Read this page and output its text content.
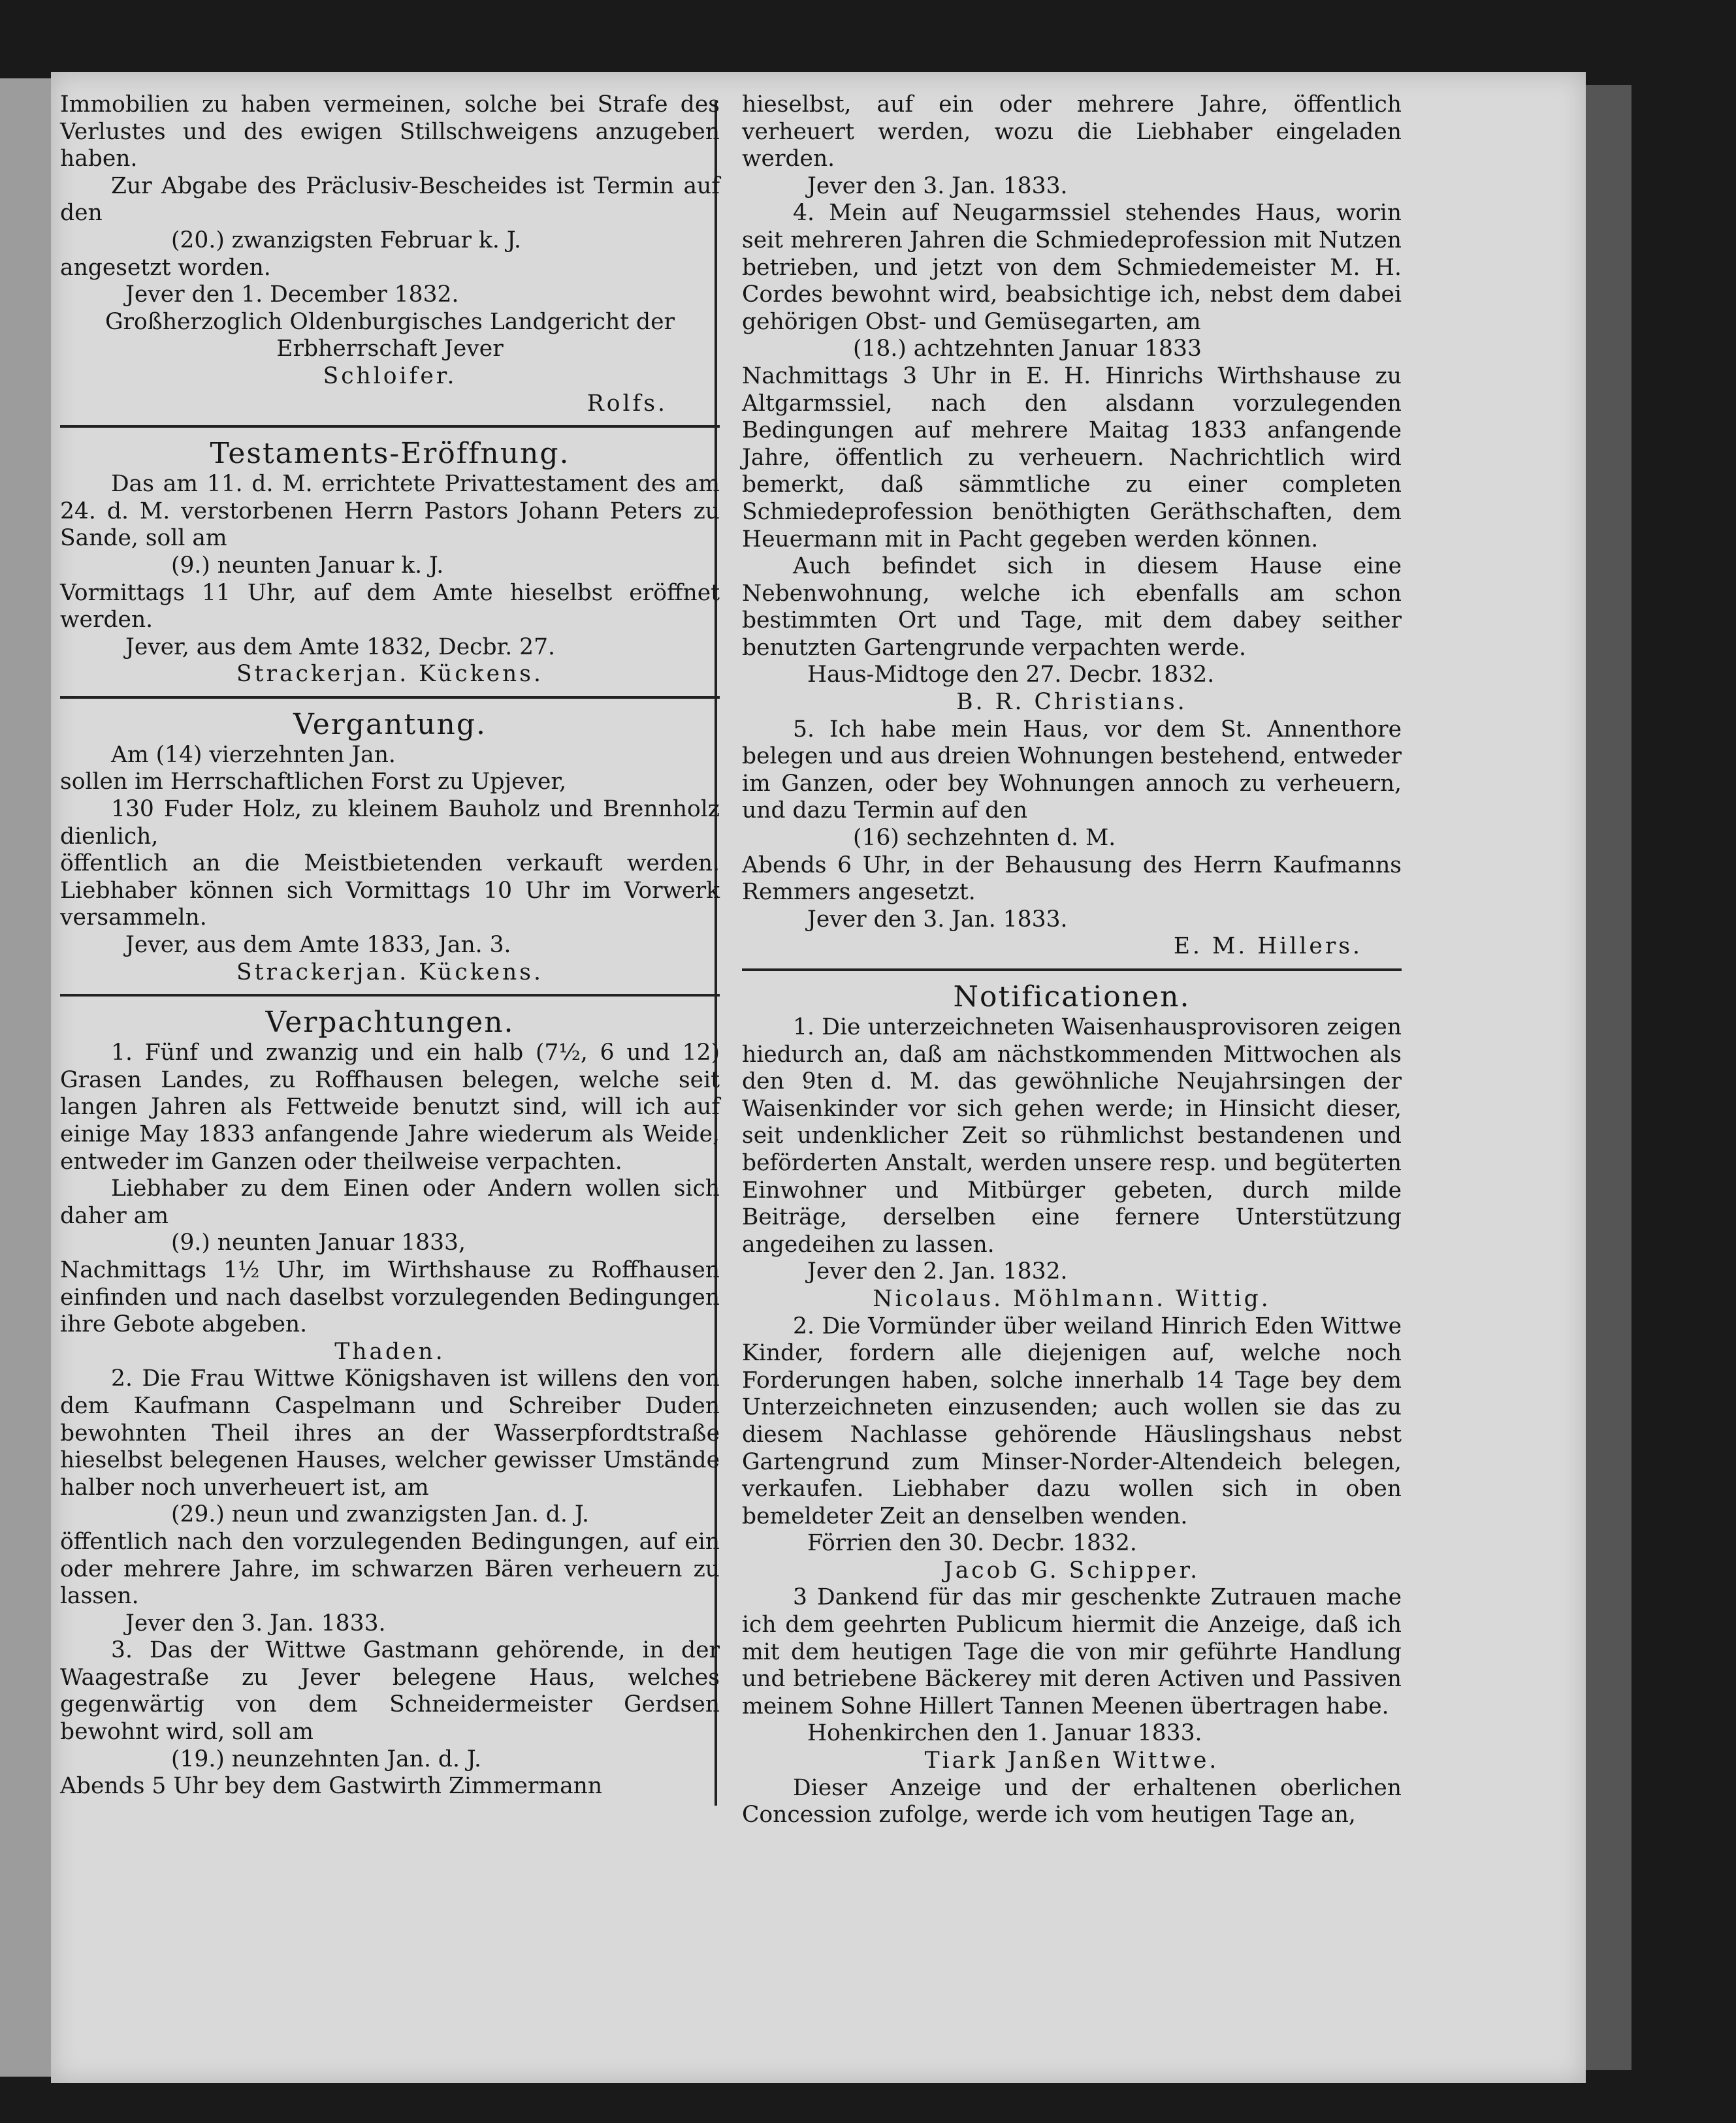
Immobilien zu haben vermeinen, solche bei Strafe des Verlustes und des ewigen Stillschweigens anzugeben haben.

Zur Abgabe des Präclusiv-Bescheides ist Termin auf den

(20.) zwanzigsten Februar k. J.

angesetzt worden.

Jever den 1. December 1832.

Großherzoglich Oldenburgisches Landgericht der Erbherrschaft Jever

Schloifer.

Rolfs.

Testaments-Eröffnung.

Das am 11. d. M. errichtete Privattestament des am 24. d. M. verstorbenen Herrn Pastors Johann Peters zu Sande, soll am

(9.) neunten Januar k. J.

Vormittags 11 Uhr, auf dem Amte hieselbst eröffnet werden.

Jever, aus dem Amte 1832, Decbr. 27.

Strackerjan. Kückens.

Vergantung.

Am (14) vierzehnten Jan.

sollen im Herrschaftlichen Forst zu Upjever,

130 Fuder Holz, zu kleinem Bauholz und Brennholz dienlich,

öffentlich an die Meistbietenden verkauft werden. Liebhaber können sich Vormittags 10 Uhr im Vorwerk versammeln.

Jever, aus dem Amte 1833, Jan. 3.

Strackerjan. Kückens.

Verpachtungen.

1. Fünf und zwanzig und ein halb (7½, 6 und 12) Grasen Landes, zu Roffhausen belegen, welche seit langen Jahren als Fettweide benutzt sind, will ich auf einige May 1833 anfangende Jahre wiederum als Weide, entweder im Ganzen oder theilweise verpachten.

Liebhaber zu dem Einen oder Andern wollen sich daher am

(9.) neunten Januar 1833,

Nachmittags 1½ Uhr, im Wirthshause zu Roffhausen einfinden und nach daselbst vorzulegenden Bedingungen ihre Gebote abgeben.

Thaden.

2. Die Frau Wittwe Königshaven ist willens den von dem Kaufmann Caspelmann und Schreiber Duden bewohnten Theil ihres an der Wasserpfordtstraße hieselbst belegenen Hauses, welcher gewisser Umstände halber noch unverheuert ist, am

(29.) neun und zwanzigsten Jan. d. J.

öffentlich nach den vorzulegenden Bedingungen, auf ein oder mehrere Jahre, im schwarzen Bären verheuern zu lassen.

Jever den 3. Jan. 1833.

3. Das der Wittwe Gastmann gehörende, in der Waagestraße zu Jever belegene Haus, welches gegenwärtig von dem Schneidermeister Gerdsen bewohnt wird, soll am

(19.) neunzehnten Jan. d. J.

Abends 5 Uhr bey dem Gastwirth Zimmermann

hieselbst, auf ein oder mehrere Jahre, öffentlich verheuert werden, wozu die Liebhaber eingeladen werden.

Jever den 3. Jan. 1833.

4. Mein auf Neugarmssiel stehendes Haus, worin seit mehreren Jahren die Schmiedeprofession mit Nutzen betrieben, und jetzt von dem Schmiedemeister M. H. Cordes bewohnt wird, beabsichtige ich, nebst dem dabei gehörigen Obst- und Gemüsegarten, am

(18.) achtzehnten Januar 1833

Nachmittags 3 Uhr in E. H. Hinrichs Wirthshause zu Altgarmssiel, nach den alsdann vorzulegenden Bedingungen auf mehrere Maitag 1833 anfangende Jahre, öffentlich zu verheuern. Nachrichtlich wird bemerkt, daß sämmtliche zu einer completen Schmiedeprofession benöthigten Geräthschaften, dem Heuermann mit in Pacht gegeben werden können.

Auch befindet sich in diesem Hause eine Nebenwohnung, welche ich ebenfalls am schon bestimmten Ort und Tage, mit dem dabey seither benutzten Gartengrunde verpachten werde.

Haus-Midtoge den 27. Decbr. 1832.

B. R. Christians.

5. Ich habe mein Haus, vor dem St. Annenthore belegen und aus dreien Wohnungen bestehend, entweder im Ganzen, oder bey Wohnungen annoch zu verheuern, und dazu Termin auf den

(16) sechzehnten d. M.

Abends 6 Uhr, in der Behausung des Herrn Kaufmanns Remmers angesetzt.

Jever den 3. Jan. 1833.

E. M. Hillers.

Notificationen.

1. Die unterzeichneten Waisenhausprovisoren zeigen hiedurch an, daß am nächstkommenden Mittwochen als den 9ten d. M. das gewöhnliche Neujahrsingen der Waisenkinder vor sich gehen werde; in Hinsicht dieser, seit undenklicher Zeit so rühmlichst bestandenen und beförderten Anstalt, werden unsere resp. und begüterten Einwohner und Mitbürger gebeten, durch milde Beiträge, derselben eine fernere Unterstützung angedeihen zu lassen.

Jever den 2. Jan. 1832.

Nicolaus. Möhlmann. Wittig.

2. Die Vormünder über weiland Hinrich Eden Wittwe Kinder, fordern alle diejenigen auf, welche noch Forderungen haben, solche innerhalb 14 Tage bey dem Unterzeichneten einzusenden; auch wollen sie das zu diesem Nachlasse gehörende Häuslingshaus nebst Gartengrund zum Minser-Norder-Altendeich belegen, verkaufen. Liebhaber dazu wollen sich in oben bemeldeter Zeit an denselben wenden.

Förrien den 30. Decbr. 1832.

Jacob G. Schipper.

3 Dankend für das mir geschenkte Zutrauen mache ich dem geehrten Publicum hiermit die Anzeige, daß ich mit dem heutigen Tage die von mir geführte Handlung und betriebene Bäckerey mit deren Activen und Passiven meinem Sohne Hillert Tannen Meenen übertragen habe.

Hohenkirchen den 1. Januar 1833.

Tiark Janßen Wittwe.

Dieser Anzeige und der erhaltenen oberlichen Concession zufolge, werde ich vom heutigen Tage an,
